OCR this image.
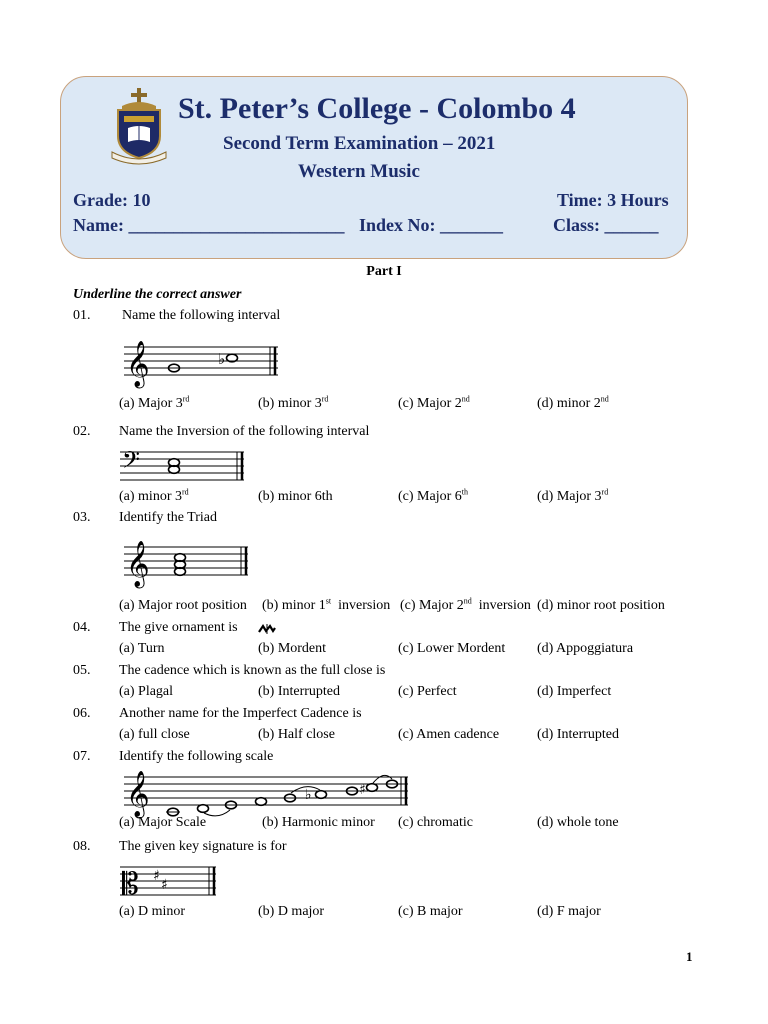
St. Peter’s College - Colombo 4
Second Term Examination – 2021
Western Music
Grade: 10	Time: 3 Hours
Name: ________________________ Index No: _______	Class: ______
Part I
Underline the correct answer
01. Name the following interval
(a) Major 3rd	(b) minor 3rd	(c) Major 2nd	(d) minor 2nd
02. Name the Inversion of the following interval
(a) minor 3rd	(b) minor 6th	(c) Major 6th	(d) Major 3rd
03. Identify the Triad
(a) Major root position (b) minor 1st  inversion (c) Major 2nd  inversion (d) minor root position
04. The give ornament is
(a) Turn	(b) Mordent	(c) Lower Mordent (d) Appoggiatura
05. The cadence which is known as the full close is
(a) Plagal	(b) Interrupted	(c) Perfect	(d) Imperfect
06. Another name for the Imperfect Cadence is
(a) full close	(b) Half close	(c) Amen cadence	(d) Interrupted
07. Identify the following scale
(a) Major Scale	(b) Harmonic minor (c) chromatic	(d) whole tone
08. The given key signature is for
(a) D minor	(b) D major	(c) B major	(d) F major
𝄞	♭
𝄢
𝄞
𝄞	♭	♯
𝄡 ♯
♯
1
